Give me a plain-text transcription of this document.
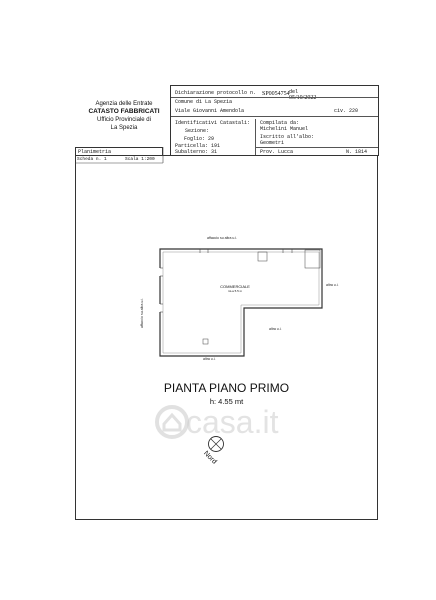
Agenzia delle Entrate
CATASTO FABBRICATI
Ufficio Provinciale di
La Spezia
Dichiarazione protocollo n. SP0054754 del
05/10/2022
Comune di La Spezia
Viale Giovanni Amendola	civ. 220
Identificativi Catastali:
Sezione:
Foglio: 29
Particella: 191
Subalterno: 31
Compilata da:
Michelini Manuel
Iscritto all'albo:
Geometri
Prov. Lucca	N. 1814
Planimetria
Scheda n. 1	Scala 1:200
affaccio su altra u.i.
affaccio su altra u.i.
altra u.i.
altra u.i.
altra u.i.
COMMERCIALE
mt-a 5.5 m
PIANTA PIANO PRIMO
h: 4.55 mt
casa.it
Nord
